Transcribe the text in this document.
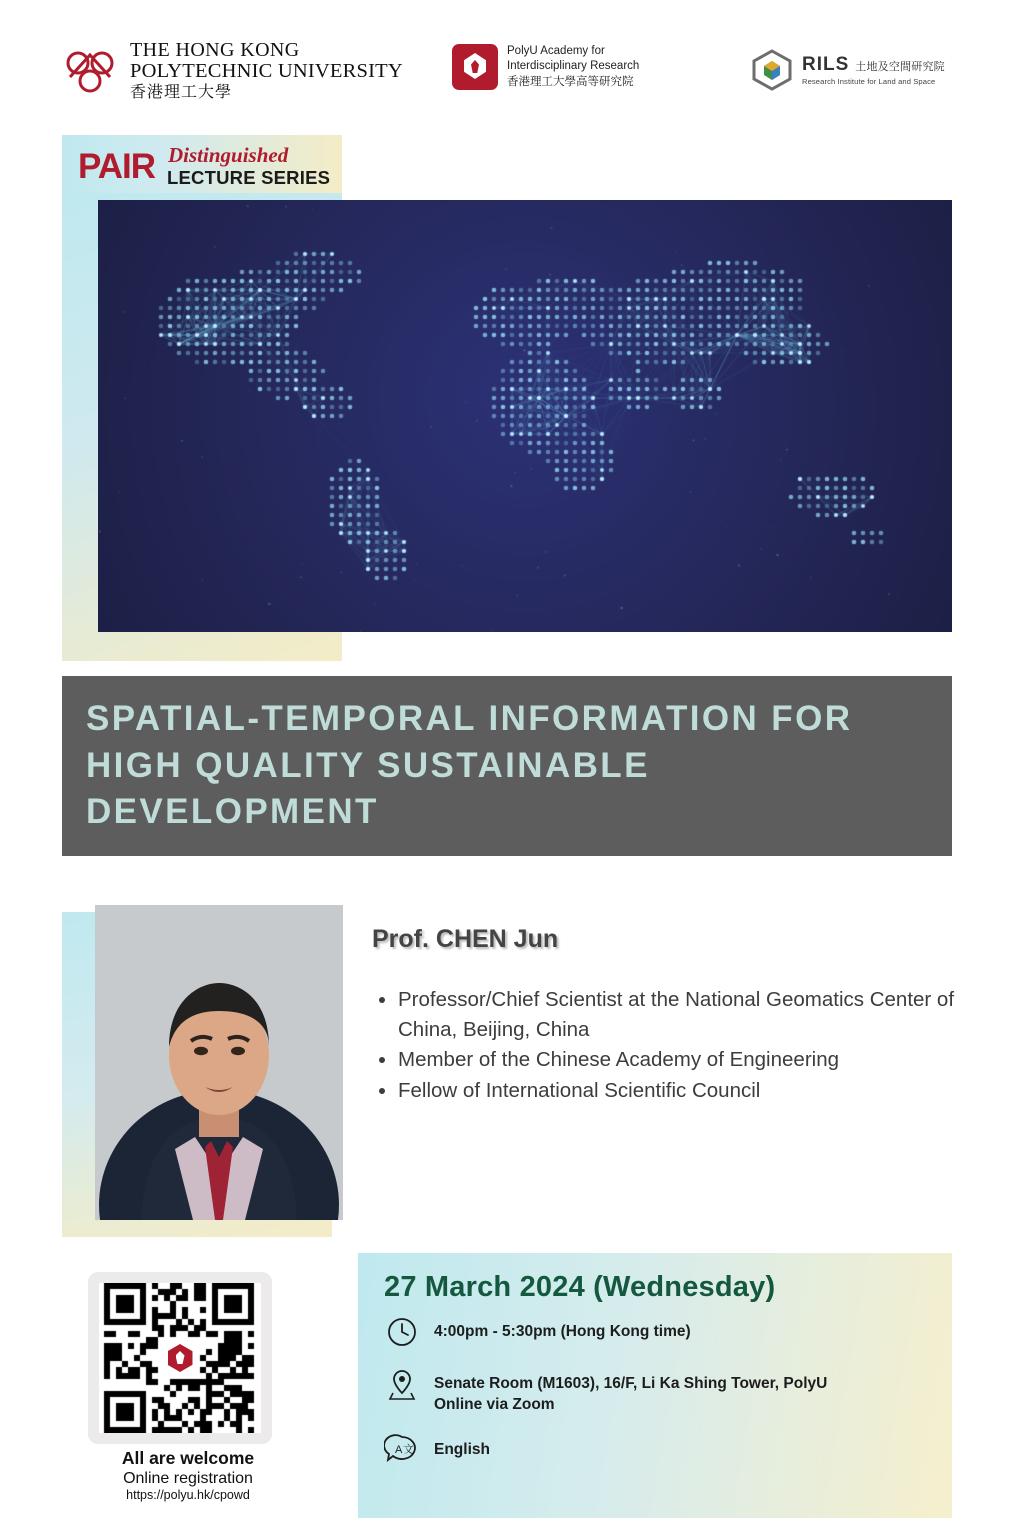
THE HONG KONG
POLYTECHNIC UNIVERSITY
香港理工大學
PolyU Academy for
Interdisciplinary Research
香港理工大學高等研究院
RILS 土地及空間研究院
Research Institute for Land and Space
PAIR Distinguished
LECTURE SERIES
SPATIAL-TEMPORAL INFORMATION FOR HIGH QUALITY SUSTAINABLE DEVELOPMENT
Prof. CHEN Jun
• Professor/Chief Scientist at the National Geomatics Center of China, Beijing, China
• Member of the Chinese Academy of Engineering
• Fellow of International Scientific Council
27 March 2024 (Wednesday)
4:00pm - 5:30pm (Hong Kong time)
Senate Room (M1603), 16/F, Li Ka Shing Tower, PolyU
Online via Zoom
A 文 English
All are welcome
Online registration
https://polyu.hk/cpowd
